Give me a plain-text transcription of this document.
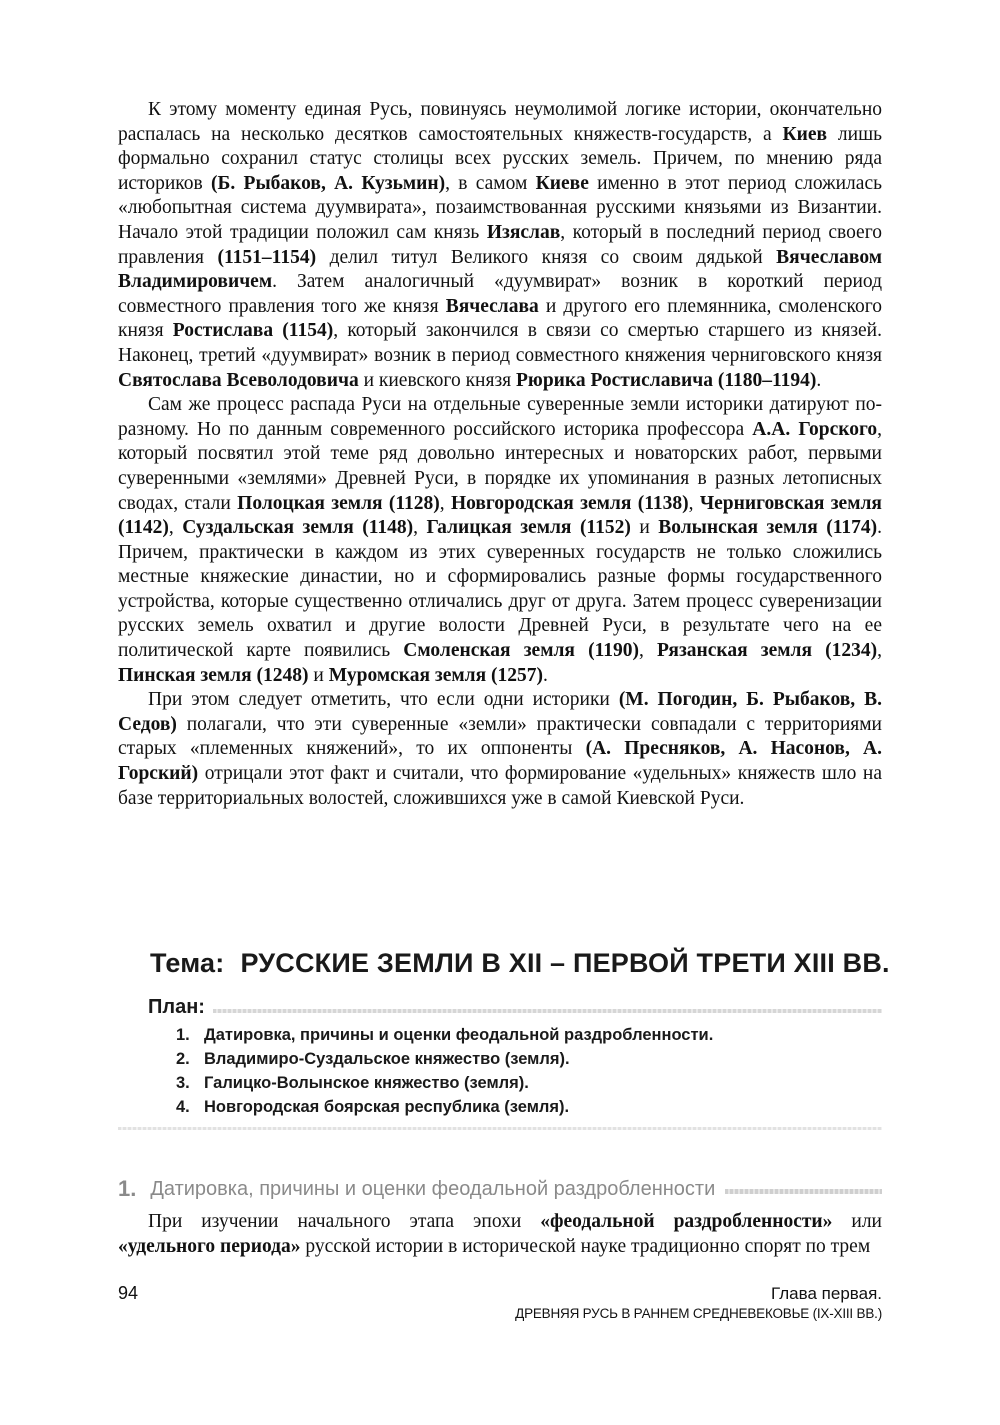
К этому моменту единая Русь, повинуясь неумолимой логике истории, окончательно распалась на несколько десятков самостоятельных княжеств-государств, а Киев лишь формально сохранил статус столицы всех русских земель. Причем, по мнению ряда историков (Б. Рыбаков, А. Кузьмин), в самом Киеве именно в этот период сложилась «любопытная система дуумвирата», позаимствованная русскими князьями из Византии. Начало этой традиции положил сам князь Изяслав, который в последний период своего правления (1151–1154) делил титул Великого князя со своим дядькой Вячеславом Владимировичем. Затем аналогичный «дуумвират» возник в короткий период совместного правления того же князя Вячеслава и другого его племянника, смоленского князя Ростислава (1154), который закончился в связи со смертью старшего из князей. Наконец, третий «дуумвират» возник в период совместного княжения черниговского князя Святослава Всеволодовича и киевского князя Рюрика Ростиславича (1180–1194).

Сам же процесс распада Руси на отдельные суверенные земли историки датируют по-разному. Но по данным современного российского историка профессора А.А. Горского, который посвятил этой теме ряд довольно интересных и новаторских работ, первыми суверенными «землями» Древней Руси, в порядке их упоминания в разных летописных сводах, стали Полоцкая земля (1128), Новгородская земля (1138), Черниговская земля (1142), Суздальская земля (1148), Галицкая земля (1152) и Волынская земля (1174). Причем, практически в каждом из этих суверенных государств не только сложились местные княжеские династии, но и сформировались разные формы государственного устройства, которые существенно отличались друг от друга. Затем процесс суверенизации русских земель охватил и другие волости Древней Руси, в результате чего на ее политической карте появились Смоленская земля (1190), Рязанская земля (1234), Пинская земля (1248) и Муромская земля (1257).

При этом следует отметить, что если одни историки (М. Погодин, Б. Рыбаков, В. Седов) полагали, что эти суверенные «земли» практически совпадали с территориями старых «племенных княжений», то их оппоненты (А. Пресняков, А. Насонов, А. Горский) отрицали этот факт и считали, что формирование «удельных» княжеств шло на базе территориальных волостей, сложившихся уже в самой Киевской Руси.

Тема: РУССКИЕ ЗЕМЛИ В XII – ПЕРВОЙ ТРЕТИ XIII ВВ.
План:
1. Датировка, причины и оценки феодальной раздробленности.
2. Владимиро-Суздальское княжество (земля).
3. Галицко-Волынское княжество (земля).
4. Новгородская боярская республика (земля).
1. Датировка, причины и оценки феодальной раздробленности

При изучении начального этапа эпохи «феодальной раздробленности» или «удельного периода» русской истории в исторической науке традиционно спорят по трем

94	Глава первая.
ДРЕВНЯЯ РУСЬ В РАННЕМ СРЕДНЕВЕКОВЬЕ (IX-XIII ВВ.)
